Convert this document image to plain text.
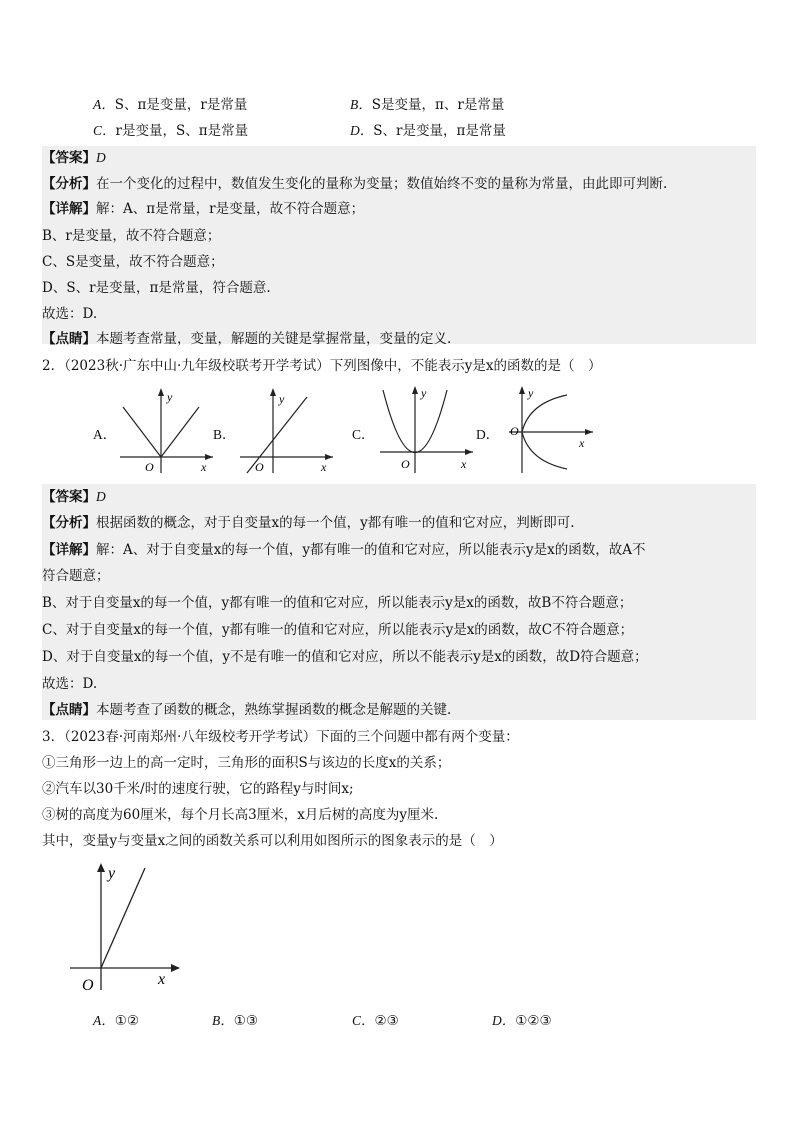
A．S、π是变量，r是常量	B．S是变量，π、r是常量
C．r是变量，S、π是常量	D．S、r是变量，π是常量
【答案】D
【分析】在一个变化的过程中，数值发生变化的量称为变量；数值始终不变的量称为常量，由此即可判断.
【详解】解：A、π是常量，r是变量，故不符合题意；
B、r是变量，故不符合题意；
C、S是变量，故不符合题意；
D、S、r是变量，π是常量，符合题意.
故选：D.
【点睛】本题考查常量，变量，解题的关键是掌握常量，变量的定义.
2．（2023秋·广东中山·九年级校联考开学考试）下列图像中，不能表示y是x的函数的是（　）
A．
y
O	x
B．
y
O	x
C．
y
O	x
D．
y
O
x
【答案】D
【分析】根据函数的概念，对于自变量x的每一个值，y都有唯一的值和它对应，判断即可.
【详解】解：A、对于自变量x的每一个值，y都有唯一的值和它对应，所以能表示y是x的函数，故A不
符合题意；
B、对于自变量x的每一个值，y都有唯一的值和它对应，所以能表示y是x的函数，故B不符合题意；
C、对于自变量x的每一个值，y都有唯一的值和它对应，所以能表示y是x的函数，故C不符合题意；
D、对于自变量x的每一个值，y不是有唯一的值和它对应，所以不能表示y是x的函数，故D符合题意；
故选：D.
【点睛】本题考查了函数的概念，熟练掌握函数的概念是解题的关键.
3．（2023春·河南郑州·八年级校考开学考试）下面的三个问题中都有两个变量：
①三角形一边上的高一定时，三角形的面积S与该边的长度x的关系；
②汽车以30千米/时的速度行驶，它的路程y与时间x;
③树的高度为60厘米，每个月长高3厘米，x月后树的高度为y厘米.
其中，变量y与变量x之间的函数关系可以利用如图所示的图象表示的是（　）
y
O	x
A．①②	B．①③	C．②③	D．①②③
